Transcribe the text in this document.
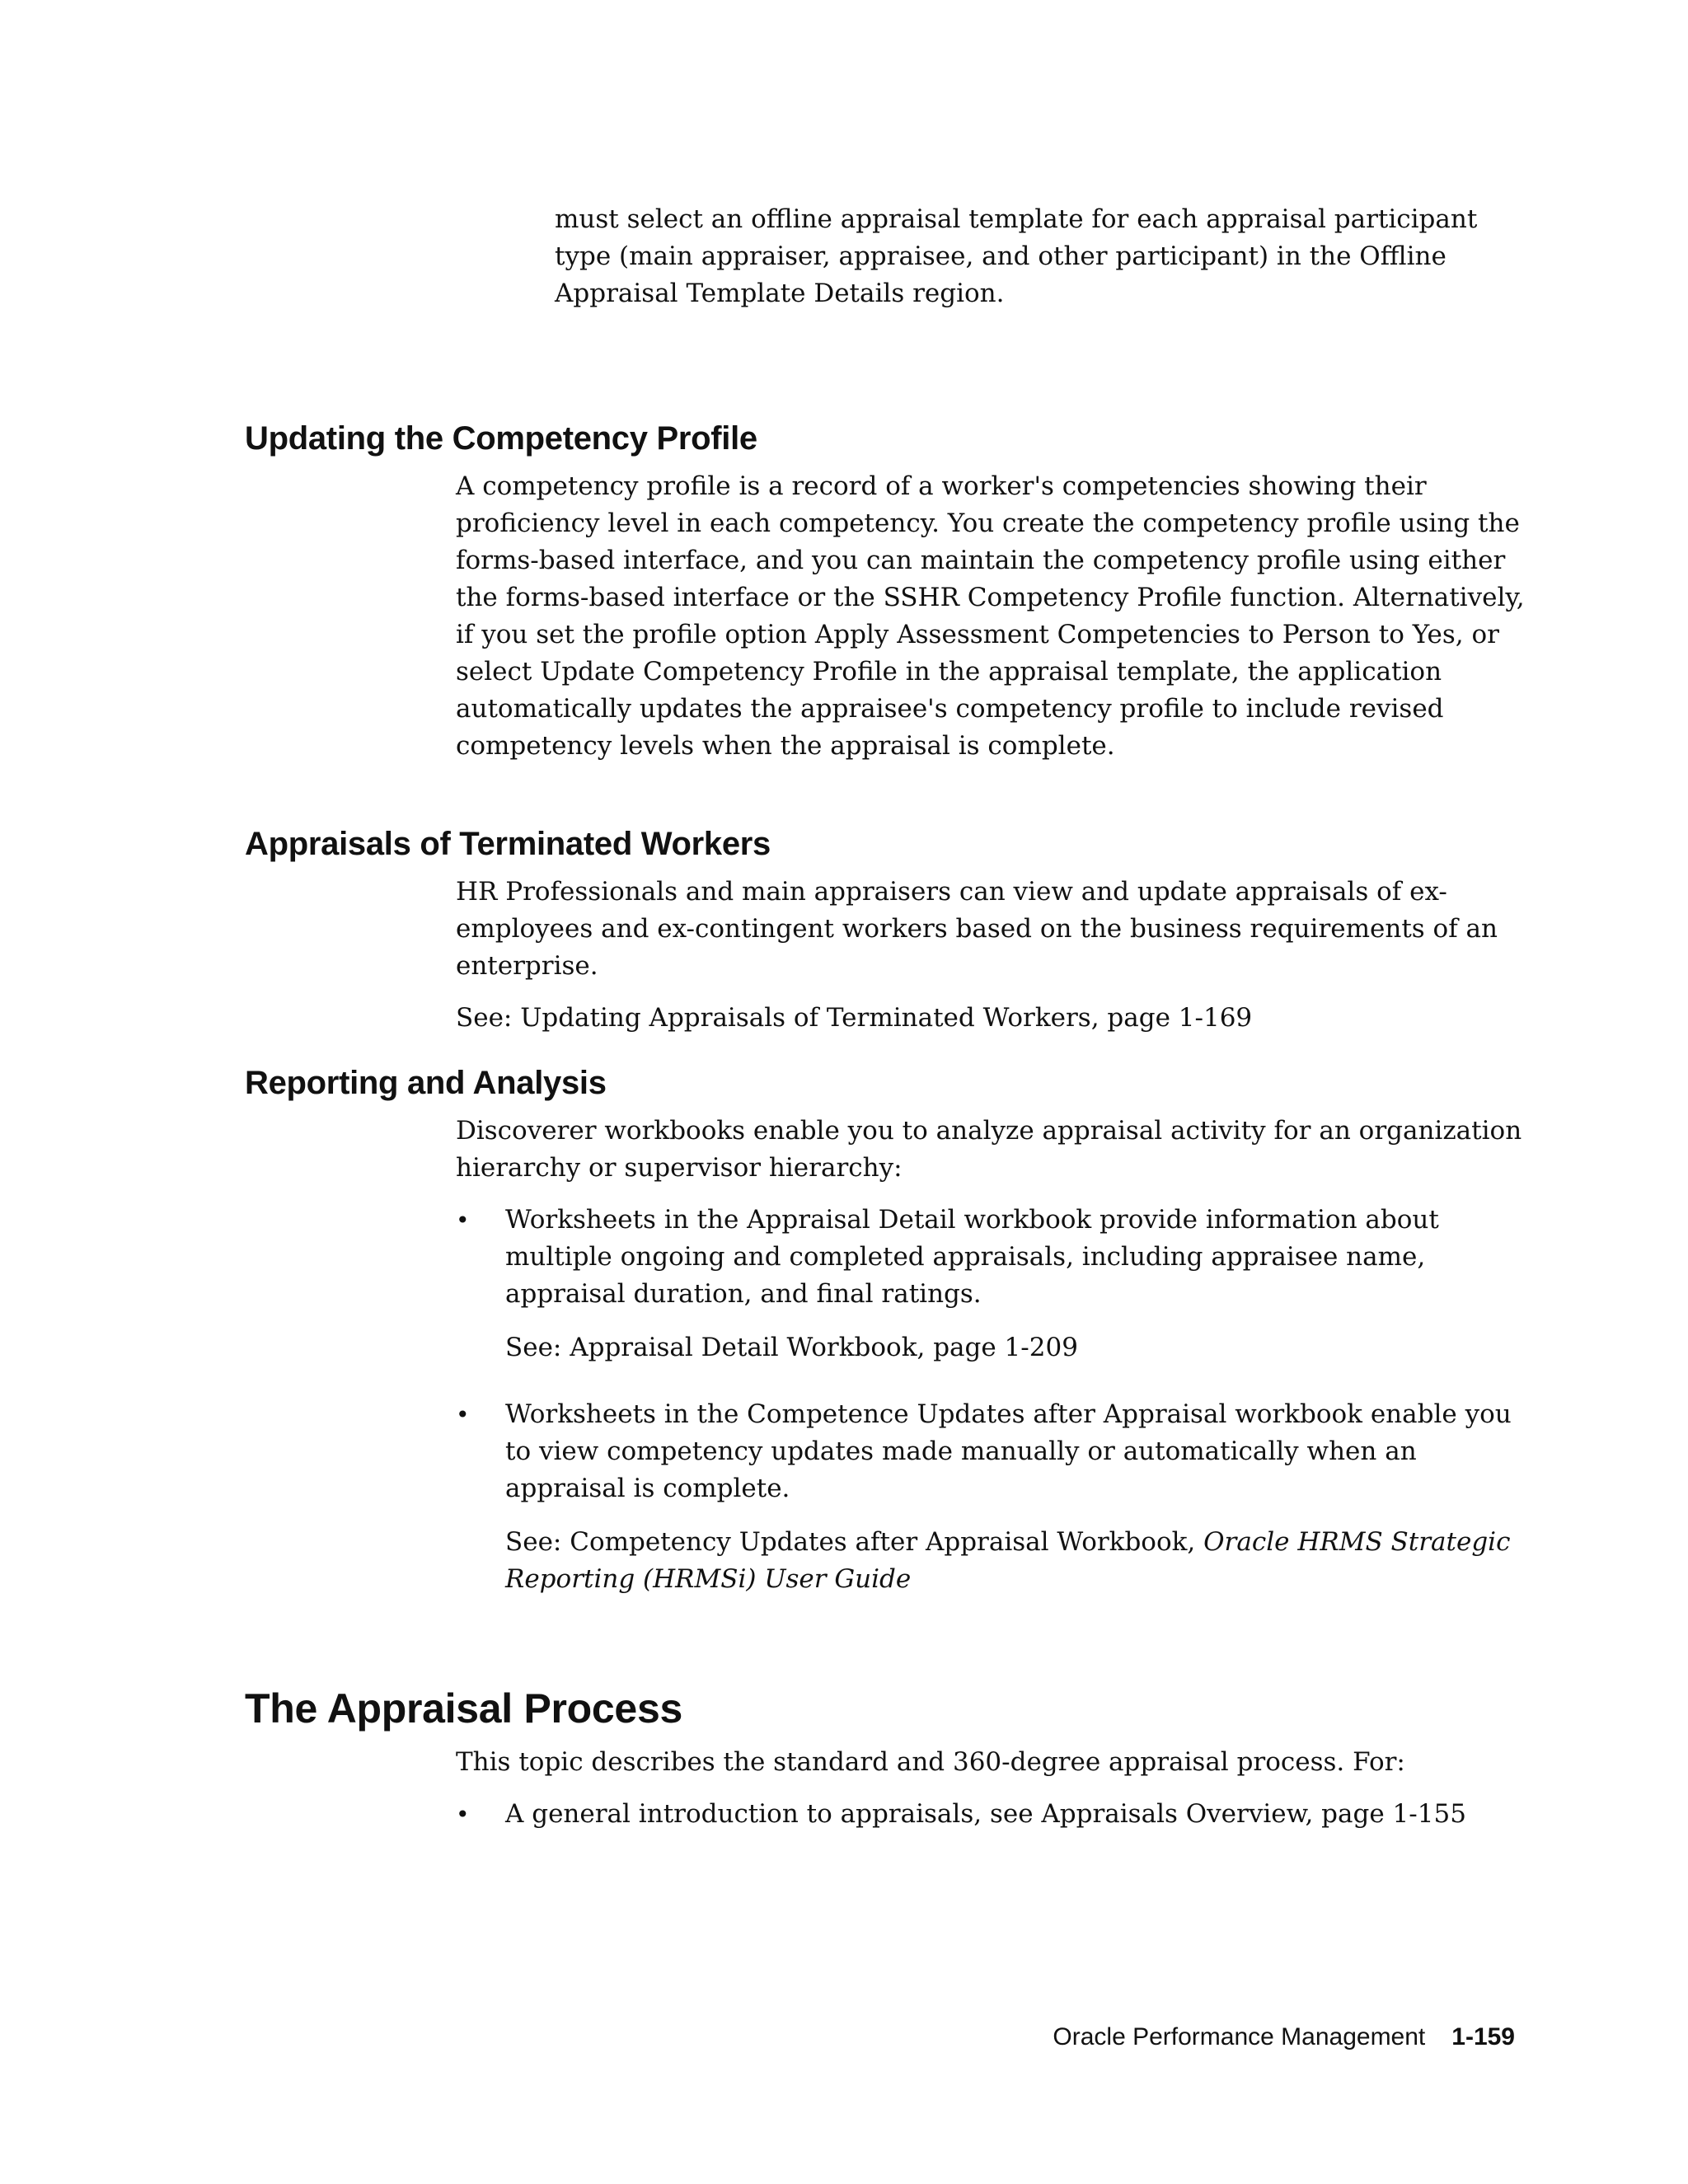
must select an offline appraisal template for each appraisal participant type (main appraiser, appraisee, and other participant) in the Offline Appraisal Template Details region.

Updating the Competency Profile

A competency profile is a record of a worker's competencies showing their proficiency level in each competency. You create the competency profile using the forms-based interface, and you can maintain the competency profile using either the forms-based interface or the SSHR Competency Profile function. Alternatively, if you set the profile option Apply Assessment Competencies to Person to Yes, or select Update Competency Profile in the appraisal template, the application automatically updates the appraisee's competency profile to include revised competency levels when the appraisal is complete.

Appraisals of Terminated Workers

HR Professionals and main appraisers can view and update appraisals of ex-employees and ex-contingent workers based on the business requirements of an enterprise.

See: Updating Appraisals of Terminated Workers, page 1-169

Reporting and Analysis

Discoverer workbooks enable you to analyze appraisal activity for an organization hierarchy or supervisor hierarchy:

• Worksheets in the Appraisal Detail workbook provide information about multiple ongoing and completed appraisals, including appraisee name, appraisal duration, and final ratings.

See: Appraisal Detail Workbook, page 1-209

• Worksheets in the Competence Updates after Appraisal workbook enable you to view competency updates made manually or automatically when an appraisal is complete.

See: Competency Updates after Appraisal Workbook, Oracle HRMS Strategic Reporting (HRMSi) User Guide

The Appraisal Process

This topic describes the standard and 360-degree appraisal process. For:

• A general introduction to appraisals, see Appraisals Overview, page 1-155

Oracle Performance Management 1-159
